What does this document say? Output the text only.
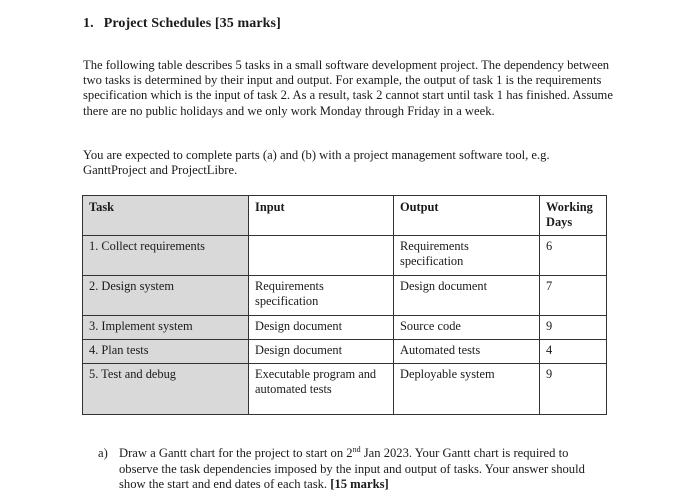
1. Project Schedules [35 marks]
The following table describes 5 tasks in a small software development project. The dependency between two tasks is determined by their input and output. For example, the output of task 1 is the requirements specification which is the input of task 2. As a result, task 2 cannot start until task 1 has finished. Assume there are no public holidays and we only work Monday through Friday in a week.
You are expected to complete parts (a) and (b) with a project management software tool, e.g. GanttProject and ProjectLibre.
Task	Input	Output	Working Days
1. Collect requirements		Requirements specification	6
2. Design system	Requirements specification	Design document	7
3. Implement system	Design document	Source code	9
4. Plan tests	Design document	Automated tests	4
5. Test and debug	Executable program and automated tests	Deployable system	9
a) Draw a Gantt chart for the project to start on 2nd Jan 2023. Your Gantt chart is required to observe the task dependencies imposed by the input and output of tasks. Your answer should show the start and end dates of each task. [15 marks]
